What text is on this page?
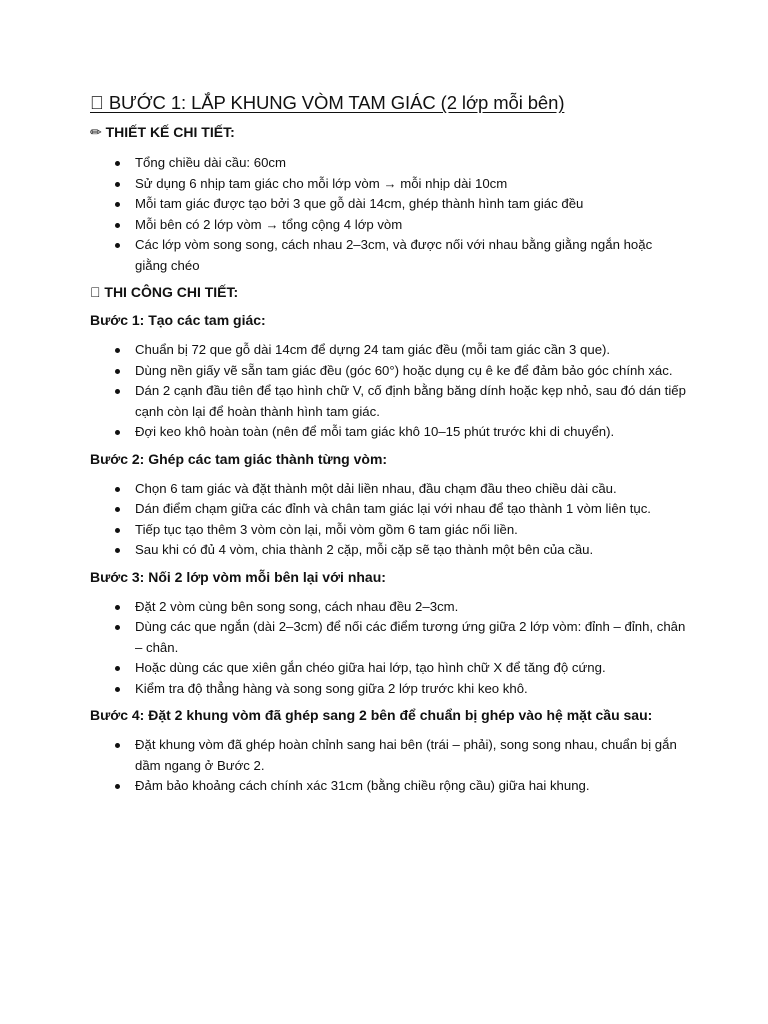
􀂠 BƯỚC 1: LẮP KHUNG VÒM TAM GIÁC (2 lớp mỗi bên)
✏ THIẾT KẾ CHI TIẾT:
Tổng chiều dài cầu: 60cm
Sử dụng 6 nhịp tam giác cho mỗi lớp vòm → mỗi nhịp dài 10cm
Mỗi tam giác được tạo bởi 3 que gỗ dài 14cm, ghép thành hình tam giác đều
Mỗi bên có 2 lớp vòm → tổng cộng 4 lớp vòm
Các lớp vòm song song, cách nhau 2–3cm, và được nối với nhau bằng giằng ngắn hoặc giằng chéo
􀂠 THI CÔNG CHI TIẾT:
Bước 1: Tạo các tam giác:
Chuẩn bị 72 que gỗ dài 14cm để dựng 24 tam giác đều (mỗi tam giác cần 3 que).
Dùng nền giấy vẽ sẵn tam giác đều (góc 60°) hoặc dụng cụ ê ke để đảm bảo góc chính xác.
Dán 2 cạnh đầu tiên để tạo hình chữ V, cố định bằng băng dính hoặc kẹp nhỏ, sau đó dán tiếp cạnh còn lại để hoàn thành hình tam giác.
Đợi keo khô hoàn toàn (nên để mỗi tam giác khô 10–15 phút trước khi di chuyển).
Bước 2: Ghép các tam giác thành từng vòm:
Chọn 6 tam giác và đặt thành một dải liền nhau, đầu chạm đầu theo chiều dài cầu.
Dán điểm chạm giữa các đỉnh và chân tam giác lại với nhau để tạo thành 1 vòm liên tục.
Tiếp tục tạo thêm 3 vòm còn lại, mỗi vòm gồm 6 tam giác nối liền.
Sau khi có đủ 4 vòm, chia thành 2 cặp, mỗi cặp sẽ tạo thành một bên của cầu.
Bước 3: Nối 2 lớp vòm mỗi bên lại với nhau:
Đặt 2 vòm cùng bên song song, cách nhau đều 2–3cm.
Dùng các que ngắn (dài 2–3cm) để nối các điểm tương ứng giữa 2 lớp vòm: đỉnh – đỉnh, chân – chân.
Hoặc dùng các que xiên gắn chéo giữa hai lớp, tạo hình chữ X để tăng độ cứng.
Kiểm tra độ thẳng hàng và song song giữa 2 lớp trước khi keo khô.
Bước 4: Đặt 2 khung vòm đã ghép sang 2 bên để chuẩn bị ghép vào hệ mặt cầu sau:
Đặt khung vòm đã ghép hoàn chỉnh sang hai bên (trái – phải), song song nhau, chuẩn bị gắn dầm ngang ở Bước 2.
Đảm bảo khoảng cách chính xác 31cm (bằng chiều rộng cầu) giữa hai khung.
